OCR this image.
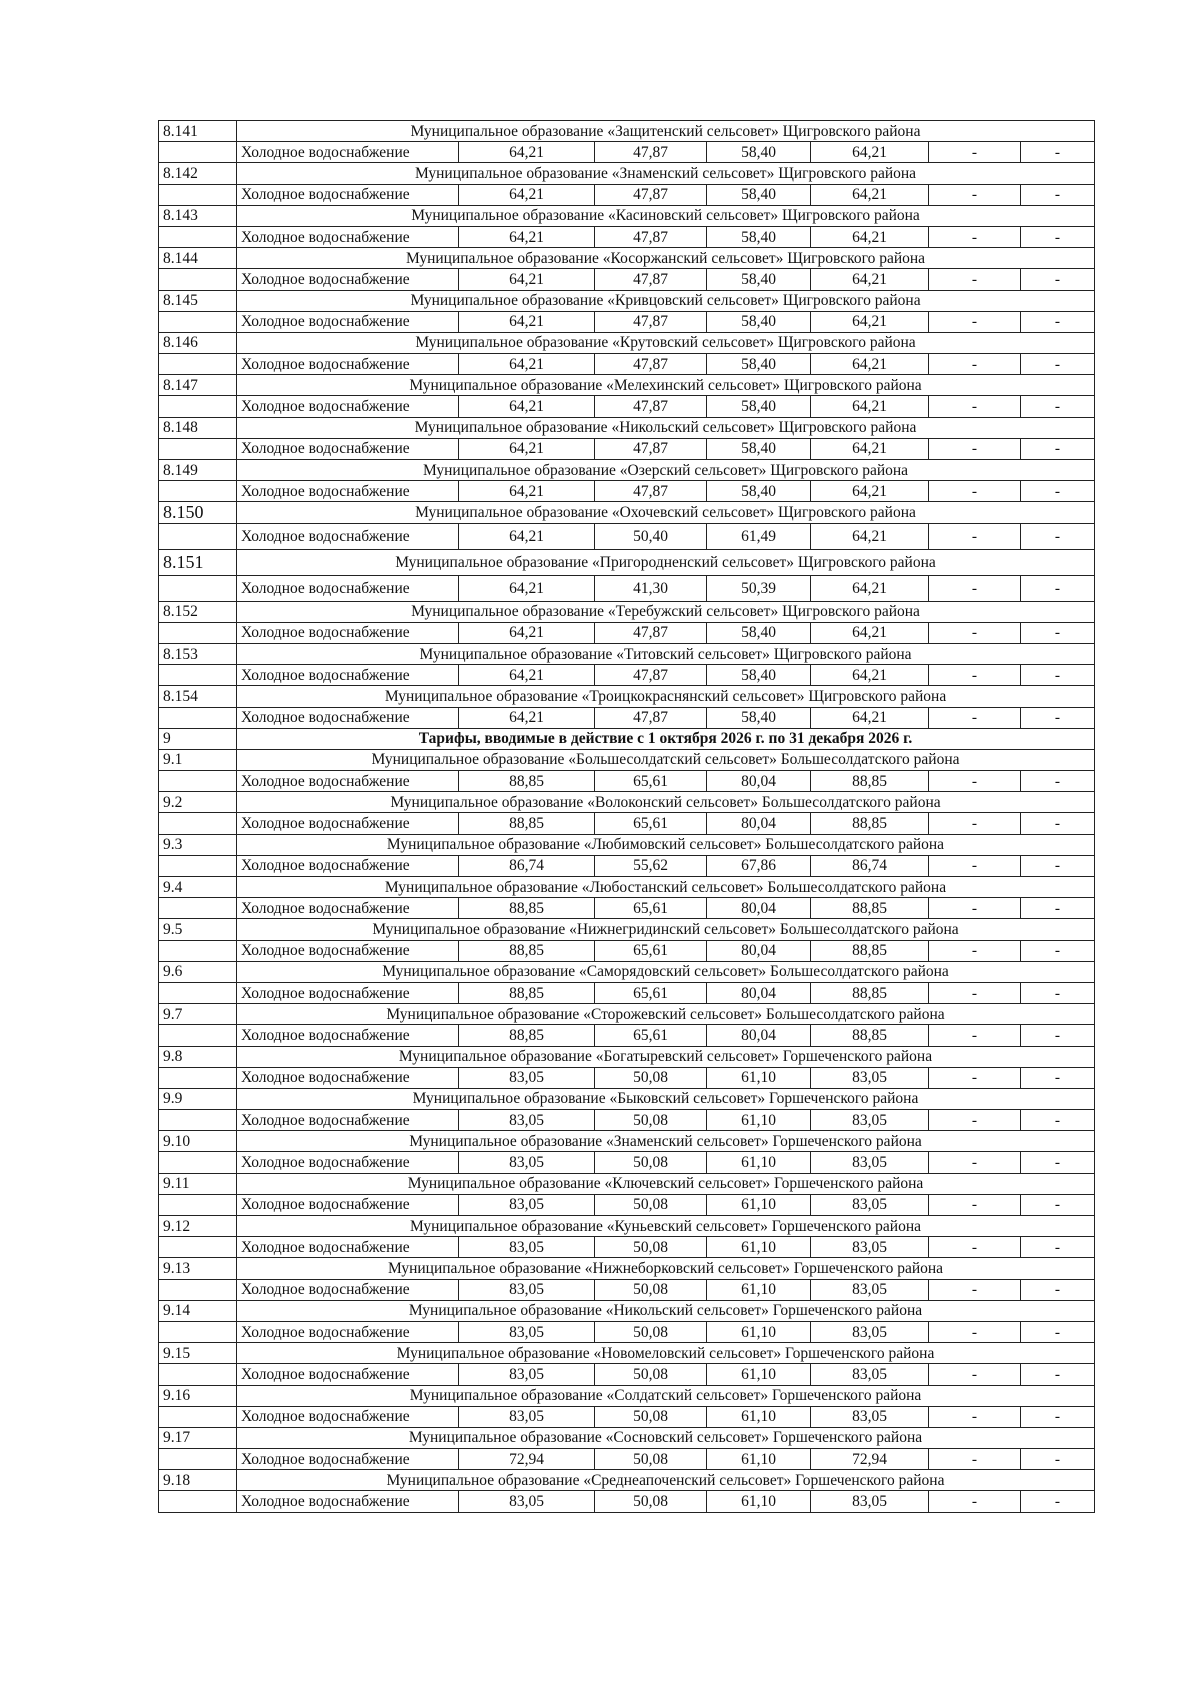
8.141	Муниципальное образование «Защитенский сельсовет» Щигровского района						
	Холодное водоснабжение	64,21	47,87	58,40	64,21	-	-
8.142	Муниципальное образование «Знаменский сельсовет» Щигровского района						
	Холодное водоснабжение	64,21	47,87	58,40	64,21	-	-
8.143	Муниципальное образование «Касиновский сельсовет» Щигровского района						
	Холодное водоснабжение	64,21	47,87	58,40	64,21	-	-
8.144	Муниципальное образование «Косоржанский сельсовет» Щигровского района						
	Холодное водоснабжение	64,21	47,87	58,40	64,21	-	-
8.145	Муниципальное образование «Кривцовский сельсовет» Щигровского района						
	Холодное водоснабжение	64,21	47,87	58,40	64,21	-	-
8.146	Муниципальное образование «Крутовский сельсовет» Щигровского района						
	Холодное водоснабжение	64,21	47,87	58,40	64,21	-	-
8.147	Муниципальное образование «Мелехинский сельсовет» Щигровского района						
	Холодное водоснабжение	64,21	47,87	58,40	64,21	-	-
8.148	Муниципальное образование «Никольский сельсовет» Щигровского района						
	Холодное водоснабжение	64,21	47,87	58,40	64,21	-	-
8.149	Муниципальное образование «Озерский сельсовет» Щигровского района						
	Холодное водоснабжение	64,21	47,87	58,40	64,21	-	-
8.150	Муниципальное образование «Охочевский сельсовет» Щигровского района						
	Холодное водоснабжение	64,21	50,40	61,49	64,21	-	-
8.151	Муниципальное образование «Пригородненский сельсовет» Щигровского района						
	Холодное водоснабжение	64,21	41,30	50,39	64,21	-	-
8.152	Муниципальное образование «Теребужский сельсовет» Щигровского района						
	Холодное водоснабжение	64,21	47,87	58,40	64,21	-	-
8.153	Муниципальное образование «Титовский сельсовет» Щигровского района						
	Холодное водоснабжение	64,21	47,87	58,40	64,21	-	-
8.154	Муниципальное образование «Троицкокраснянский сельсовет» Щигровского района						
	Холодное водоснабжение	64,21	47,87	58,40	64,21	-	-
9	Тарифы, вводимые в действие с 1 октября 2026 г. по 31 декабря 2026 г.						
9.1	Муниципальное образование «Большесолдатский сельсовет» Большесолдатского района						
	Холодное водоснабжение	88,85	65,61	80,04	88,85	-	-
9.2	Муниципальное образование «Волоконский сельсовет» Большесолдатского района						
	Холодное водоснабжение	88,85	65,61	80,04	88,85	-	-
9.3	Муниципальное образование «Любимовский сельсовет» Большесолдатского района						
	Холодное водоснабжение	86,74	55,62	67,86	86,74	-	-
9.4	Муниципальное образование «Любостанский сельсовет» Большесолдатского района						
	Холодное водоснабжение	88,85	65,61	80,04	88,85	-	-
9.5	Муниципальное образование «Нижнегридинский сельсовет» Большесолдатского района						
	Холодное водоснабжение	88,85	65,61	80,04	88,85	-	-
9.6	Муниципальное образование «Саморядовский сельсовет» Большесолдатского района						
	Холодное водоснабжение	88,85	65,61	80,04	88,85	-	-
9.7	Муниципальное образование «Сторожевский сельсовет» Большесолдатского района						
	Холодное водоснабжение	88,85	65,61	80,04	88,85	-	-
9.8	Муниципальное образование «Богатыревский сельсовет» Горшеченского района						
	Холодное водоснабжение	83,05	50,08	61,10	83,05	-	-
9.9	Муниципальное образование «Быковский сельсовет» Горшеченского района						
	Холодное водоснабжение	83,05	50,08	61,10	83,05	-	-
9.10	Муниципальное образование «Знаменский сельсовет» Горшеченского района						
	Холодное водоснабжение	83,05	50,08	61,10	83,05	-	-
9.11	Муниципальное образование «Ключевский сельсовет» Горшеченского района						
	Холодное водоснабжение	83,05	50,08	61,10	83,05	-	-
9.12	Муниципальное образование «Куньевский сельсовет» Горшеченского района						
	Холодное водоснабжение	83,05	50,08	61,10	83,05	-	-
9.13	Муниципальное образование «Нижнеборковский сельсовет» Горшеченского района						
	Холодное водоснабжение	83,05	50,08	61,10	83,05	-	-
9.14	Муниципальное образование «Никольский сельсовет» Горшеченского района						
	Холодное водоснабжение	83,05	50,08	61,10	83,05	-	-
9.15	Муниципальное образование «Новомеловский сельсовет» Горшеченского района						
	Холодное водоснабжение	83,05	50,08	61,10	83,05	-	-
9.16	Муниципальное образование «Солдатский сельсовет» Горшеченского района						
	Холодное водоснабжение	83,05	50,08	61,10	83,05	-	-
9.17	Муниципальное образование «Сосновский сельсовет» Горшеченского района						
	Холодное водоснабжение	72,94	50,08	61,10	72,94	-	-
9.18	Муниципальное образование «Среднеапоченский сельсовет» Горшеченского района						
	Холодное водоснабжение	83,05	50,08	61,10	83,05	-	-
